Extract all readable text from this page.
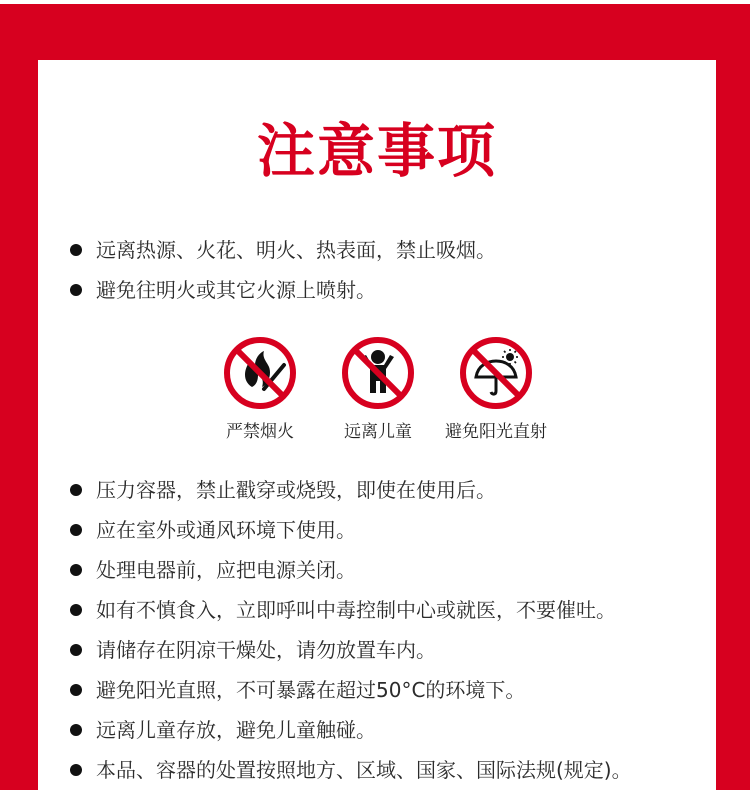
注意事项
远离热源、火花、明火、热表面，禁止吸烟。
避免往明火或其它火源上喷射。
严禁烟火	远离儿童	避免阳光直射
压力容器，禁止戳穿或烧毁，即使在使用后。
应在室外或通风环境下使用。
处理电器前，应把电源关闭。
如有不慎食入，立即呼叫中毒控制中心或就医，不要催吐。
请储存在阴凉干燥处，请勿放置车内。
避免阳光直照，不可暴露在超过50°C的环境下。
远离儿童存放，避免儿童触碰。
本品、容器的处置按照地方、区域、国家、国际法规(规定)。
